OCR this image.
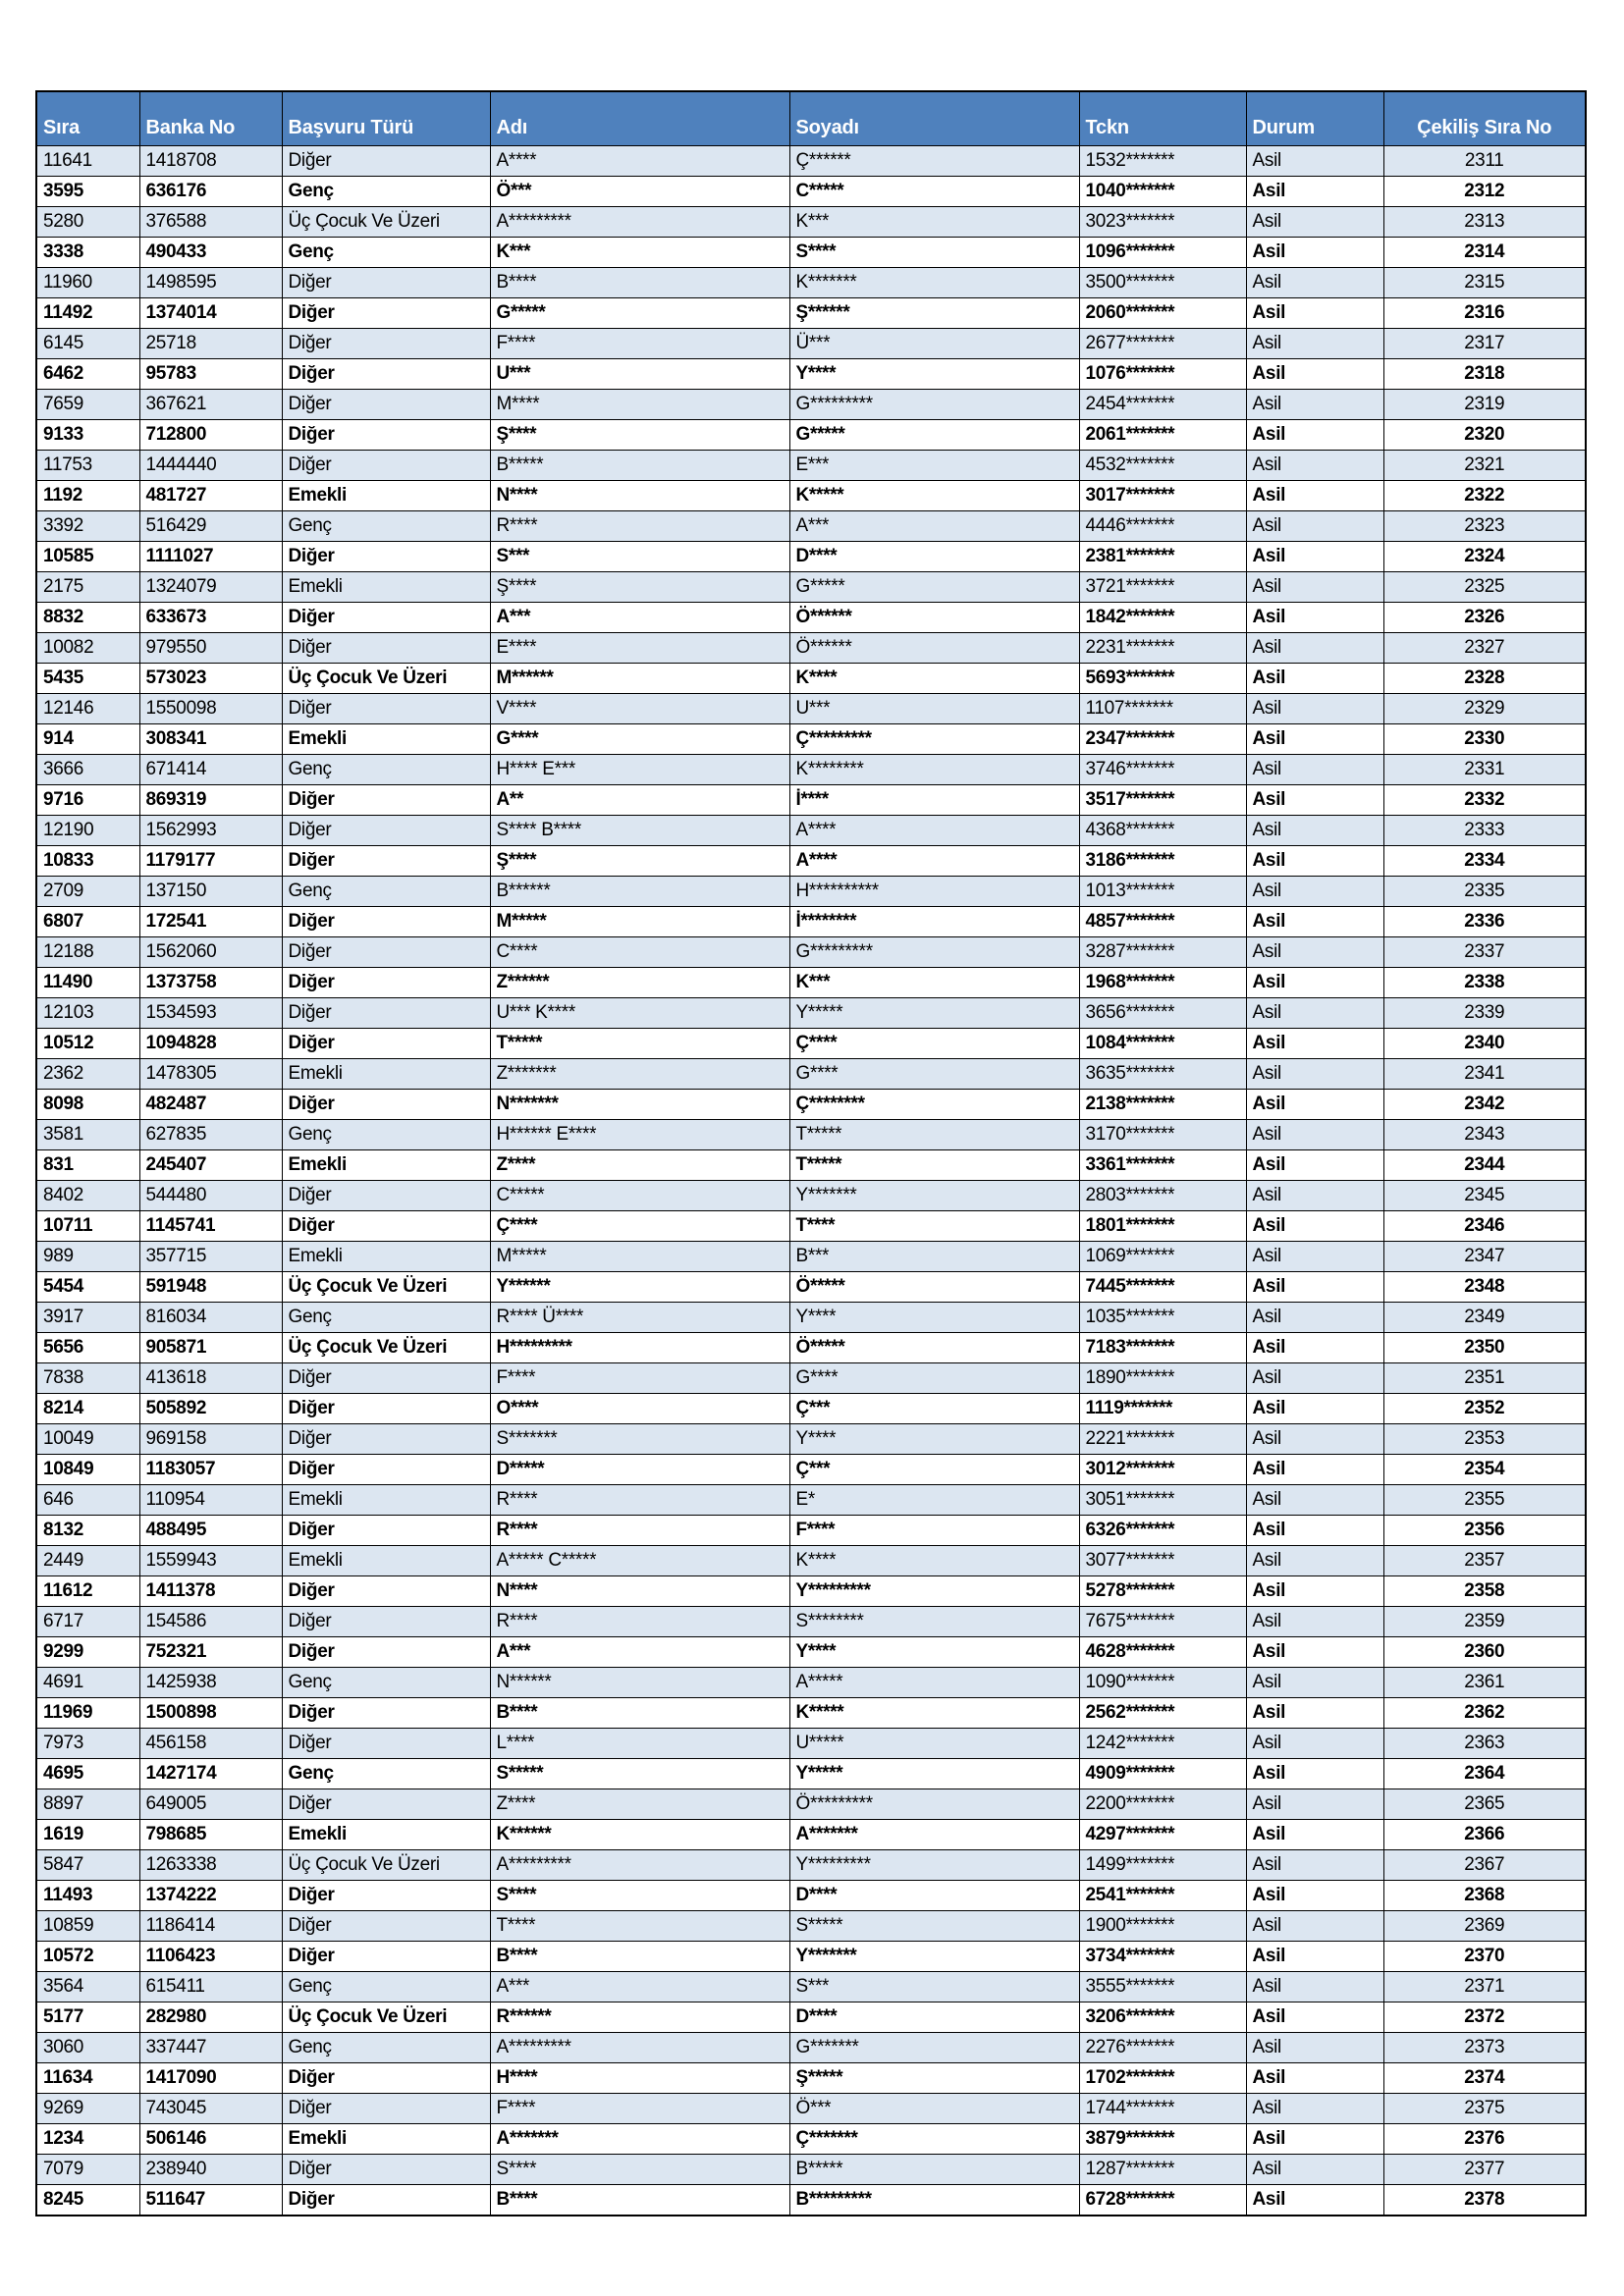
Sıra	Banka No	Başvuru Türü	Adı	Soyadı	Tckn	Durum	Çekiliş Sıra No
11641	1418708	Diğer	A****	Ç******	1532*******	Asil	2311
3595	636176	Genç	Ö***	C*****	1040*******	Asil	2312
5280	376588	Üç Çocuk Ve Üzeri	A*********	K***	3023*******	Asil	2313
3338	490433	Genç	K***	S****	1096*******	Asil	2314
11960	1498595	Diğer	B****	K*******	3500*******	Asil	2315
11492	1374014	Diğer	G*****	Ş******	2060*******	Asil	2316
6145	25718	Diğer	F****	Ü***	2677*******	Asil	2317
6462	95783	Diğer	U***	Y****	1076*******	Asil	2318
7659	367621	Diğer	M****	G*********	2454*******	Asil	2319
9133	712800	Diğer	Ş****	G*****	2061*******	Asil	2320
11753	1444440	Diğer	B*****	E***	4532*******	Asil	2321
1192	481727	Emekli	N****	K*****	3017*******	Asil	2322
3392	516429	Genç	R****	A***	4446*******	Asil	2323
10585	1111027	Diğer	S***	D****	2381*******	Asil	2324
2175	1324079	Emekli	Ş****	G*****	3721*******	Asil	2325
8832	633673	Diğer	A***	Ö******	1842*******	Asil	2326
10082	979550	Diğer	E****	Ö******	2231*******	Asil	2327
5435	573023	Üç Çocuk Ve Üzeri	M******	K****	5693*******	Asil	2328
12146	1550098	Diğer	V****	U***	1107*******	Asil	2329
914	308341	Emekli	G****	Ç*********	2347*******	Asil	2330
3666	671414	Genç	H**** E***	K********	3746*******	Asil	2331
9716	869319	Diğer	A**	İ****	3517*******	Asil	2332
12190	1562993	Diğer	S**** B****	A****	4368*******	Asil	2333
10833	1179177	Diğer	Ş****	A****	3186*******	Asil	2334
2709	137150	Genç	B******	H**********	1013*******	Asil	2335
6807	172541	Diğer	M*****	İ********	4857*******	Asil	2336
12188	1562060	Diğer	C****	G*********	3287*******	Asil	2337
11490	1373758	Diğer	Z******	K***	1968*******	Asil	2338
12103	1534593	Diğer	U*** K****	Y*****	3656*******	Asil	2339
10512	1094828	Diğer	T*****	Ç****	1084*******	Asil	2340
2362	1478305	Emekli	Z*******	G****	3635*******	Asil	2341
8098	482487	Diğer	N*******	Ç********	2138*******	Asil	2342
3581	627835	Genç	H****** E****	T*****	3170*******	Asil	2343
831	245407	Emekli	Z****	T*****	3361*******	Asil	2344
8402	544480	Diğer	C*****	Y*******	2803*******	Asil	2345
10711	1145741	Diğer	Ç****	T****	1801*******	Asil	2346
989	357715	Emekli	M*****	B***	1069*******	Asil	2347
5454	591948	Üç Çocuk Ve Üzeri	Y******	Ö*****	7445*******	Asil	2348
3917	816034	Genç	R**** Ü****	Y****	1035*******	Asil	2349
5656	905871	Üç Çocuk Ve Üzeri	H*********	Ö*****	7183*******	Asil	2350
7838	413618	Diğer	F****	G****	1890*******	Asil	2351
8214	505892	Diğer	O****	Ç***	1119*******	Asil	2352
10049	969158	Diğer	S*******	Y****	2221*******	Asil	2353
10849	1183057	Diğer	D*****	Ç***	3012*******	Asil	2354
646	110954	Emekli	R****	E*	3051*******	Asil	2355
8132	488495	Diğer	R****	F****	6326*******	Asil	2356
2449	1559943	Emekli	A***** C*****	K****	3077*******	Asil	2357
11612	1411378	Diğer	N****	Y*********	5278*******	Asil	2358
6717	154586	Diğer	R****	S********	7675*******	Asil	2359
9299	752321	Diğer	A***	Y****	4628*******	Asil	2360
4691	1425938	Genç	N******	A*****	1090*******	Asil	2361
11969	1500898	Diğer	B****	K*****	2562*******	Asil	2362
7973	456158	Diğer	L****	U*****	1242*******	Asil	2363
4695	1427174	Genç	S*****	Y*****	4909*******	Asil	2364
8897	649005	Diğer	Z****	Ö*********	2200*******	Asil	2365
1619	798685	Emekli	K******	A*******	4297*******	Asil	2366
5847	1263338	Üç Çocuk Ve Üzeri	A*********	Y*********	1499*******	Asil	2367
11493	1374222	Diğer	S****	D****	2541*******	Asil	2368
10859	1186414	Diğer	T****	S*****	1900*******	Asil	2369
10572	1106423	Diğer	B****	Y*******	3734*******	Asil	2370
3564	615411	Genç	A***	S***	3555*******	Asil	2371
5177	282980	Üç Çocuk Ve Üzeri	R******	D****	3206*******	Asil	2372
3060	337447	Genç	A*********	G*******	2276*******	Asil	2373
11634	1417090	Diğer	H****	Ş*****	1702*******	Asil	2374
9269	743045	Diğer	F****	Ö***	1744*******	Asil	2375
1234	506146	Emekli	A*******	Ç*******	3879*******	Asil	2376
7079	238940	Diğer	S****	B*****	1287*******	Asil	2377
8245	511647	Diğer	B****	B*********	6728*******	Asil	2378
